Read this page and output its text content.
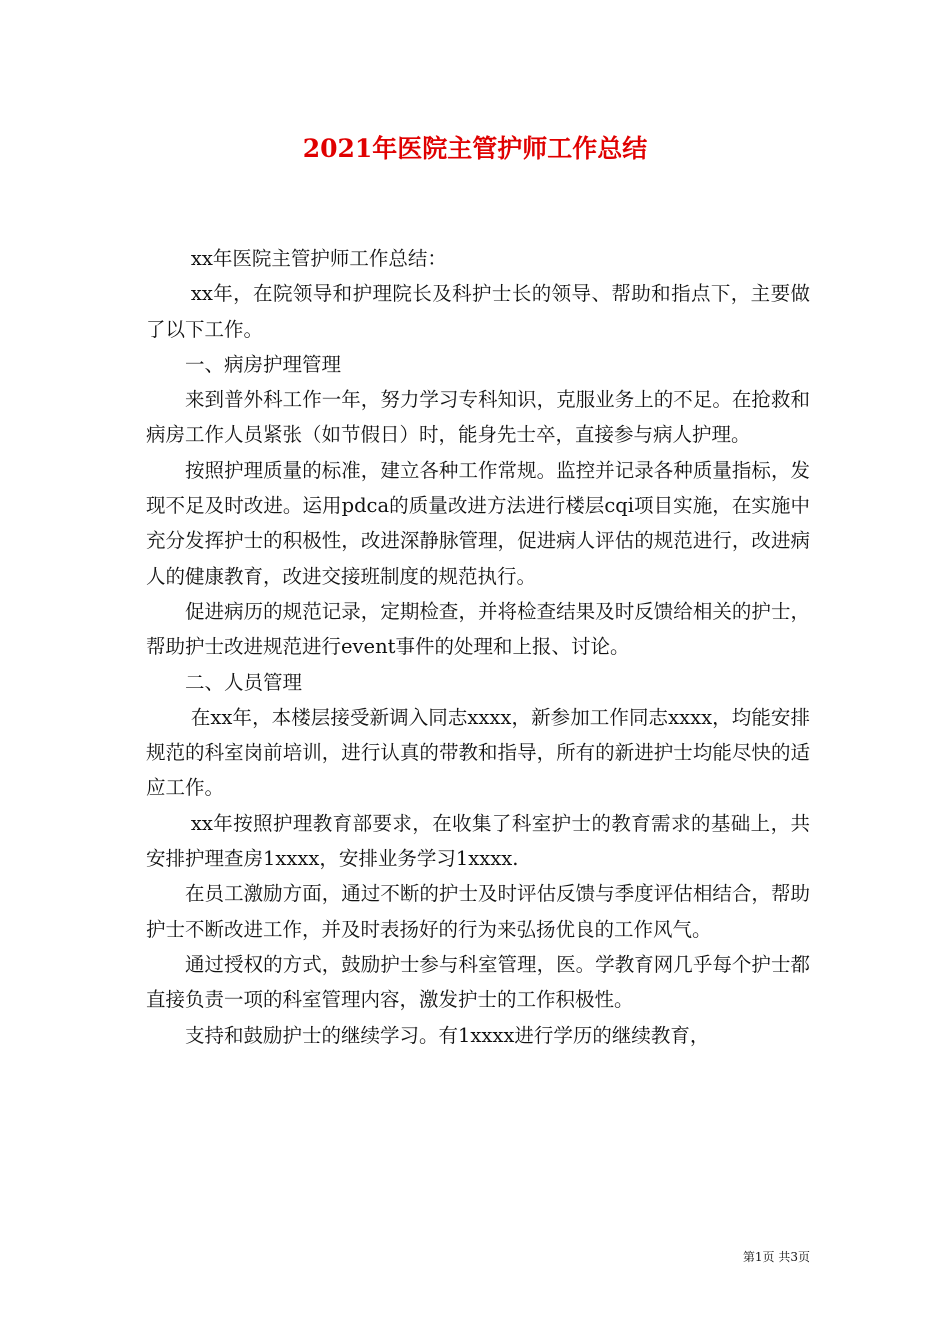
2021年医院主管护师工作总结

xx年医院主管护师工作总结：

xx年，在院领导和护理院长及科护士长的领导、帮助和指点下，主要做了以下工作。

一、病房护理管理

来到普外科工作一年，努力学习专科知识，克服业务上的不足。在抢救和病房工作人员紧张（如节假日）时，能身先士卒，直接参与病人护理。

按照护理质量的标准，建立各种工作常规。监控并记录各种质量指标，发现不足及时改进。运用pdca的质量改进方法进行楼层cqi项目实施，在实施中充分发挥护士的积极性，改进深静脉管理，促进病人评估的规范进行，改进病人的健康教育，改进交接班制度的规范执行。

促进病历的规范记录，定期检查，并将检查结果及时反馈给相关的护士，帮助护士改进规范进行event事件的处理和上报、讨论。

二、人员管理

在xx年，本楼层接受新调入同志xxxx，新参加工作同志xxxx，均能安排规范的科室岗前培训，进行认真的带教和指导，所有的新进护士均能尽快的适应工作。

xx年按照护理教育部要求，在收集了科室护士的教育需求的基础上，共安排护理查房1xxxx，安排业务学习1xxxx.

在员工激励方面，通过不断的护士及时评估反馈与季度评估相结合，帮助护士不断改进工作，并及时表扬好的行为来弘扬优良的工作风气。

通过授权的方式，鼓励护士参与科室管理，医。学教育网几乎每个护士都直接负责一项的科室管理内容，激发护士的工作积极性。

支持和鼓励护士的继续学习。有1xxxx进行学历的继续教育，

第1页 共3页
